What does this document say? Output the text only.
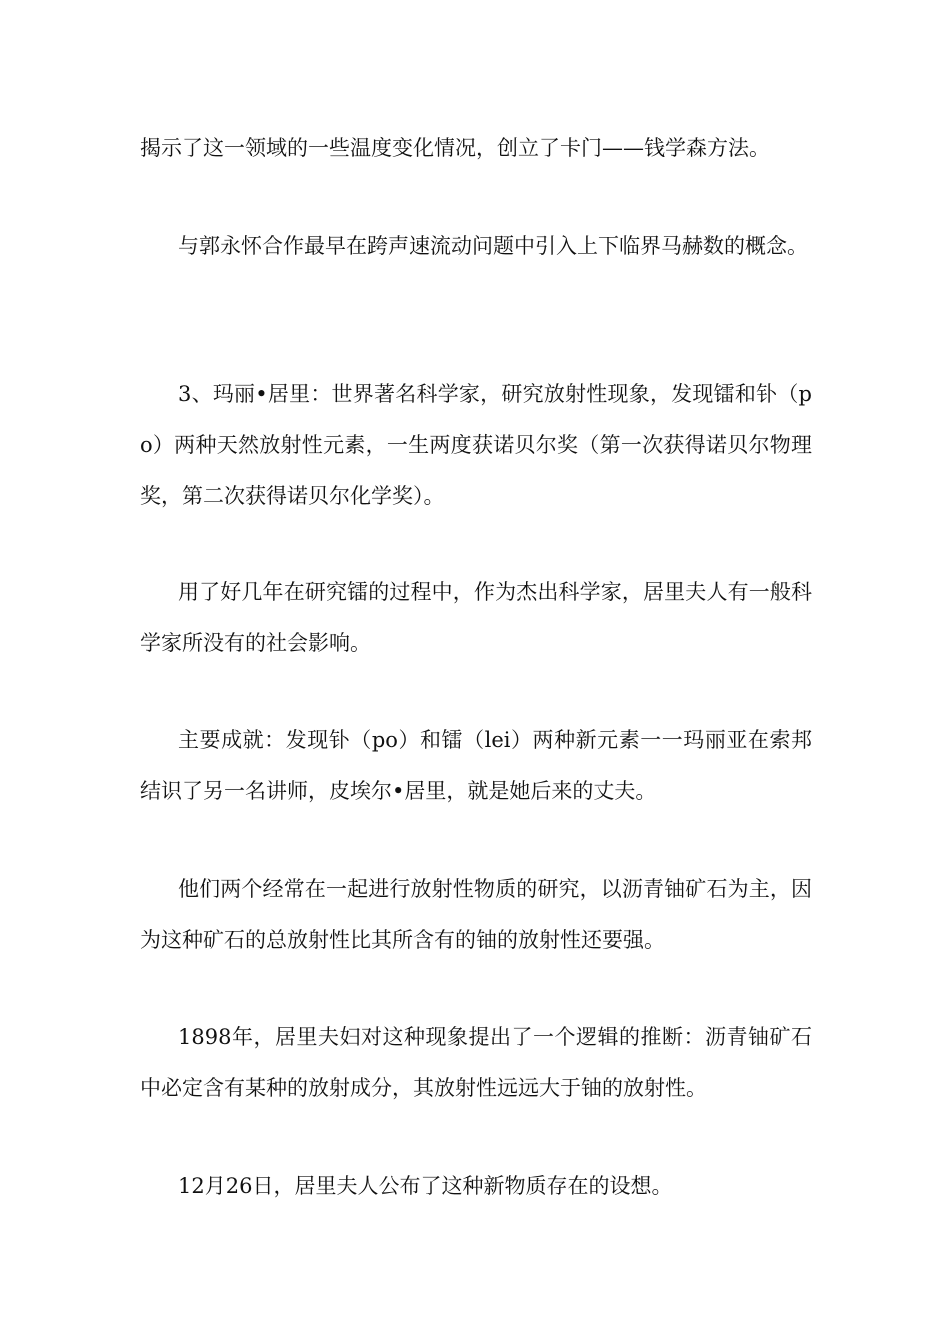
揭示了这一领域的一些温度变化情况，创立了卡门——钱学森方法。

与郭永怀合作最早在跨声速流动问题中引入上下临界马赫数的概念。

3、玛丽•居里：世界著名科学家，研究放射性现象，发现镭和钋（po）两种天然放射性元素，一生两度获诺贝尔奖（第一次获得诺贝尔物理奖，第二次获得诺贝尔化学奖）。

用了好几年在研究镭的过程中，作为杰出科学家，居里夫人有一般科学家所没有的社会影响。

主要成就：发现钋（po）和镭（lei）两种新元素一一玛丽亚在索邦结识了另一名讲师，皮埃尔•居里，就是她后来的丈夫。

他们两个经常在一起进行放射性物质的研究，以沥青铀矿石为主，因为这种矿石的总放射性比其所含有的铀的放射性还要强。

1898年，居里夫妇对这种现象提出了一个逻辑的推断：沥青铀矿石中必定含有某种的放射成分，其放射性远远大于铀的放射性。

12月26日，居里夫人公布了这种新物质存在的设想。
